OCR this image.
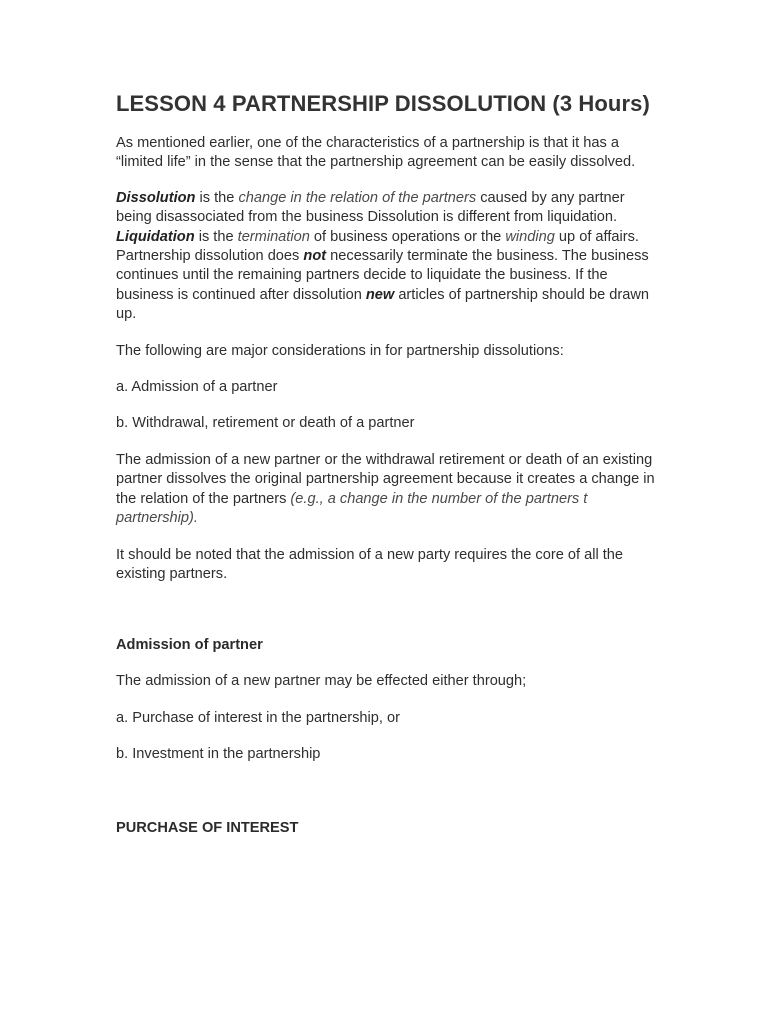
LESSON 4 PARTNERSHIP DISSOLUTION (3 Hours)

As mentioned earlier, one of the characteristics of a partnership is that it has a “limited life” in the sense that the partnership agreement can be easily dissolved.

Dissolution is the change in the relation of the partners caused by any partner being disassociated from the business Dissolution is different from liquidation. Liquidation is the termination of business operations or the winding up of affairs. Partnership dissolution does not necessarily terminate the business. The business continues until the remaining partners decide to liquidate the business. If the business is continued after dissolution new articles of partnership should be drawn up.

The following are major considerations in for partnership dissolutions:

a. Admission of a partner

b. Withdrawal, retirement or death of a partner

The admission of a new partner or the withdrawal retirement or death of an existing partner dissolves the original partnership agreement because it creates a change in the relation of the partners (e.g., a change in the number of the partners t partnership).

It should be noted that the admission of a new party requires the core of all the existing partners.

Admission of partner

The admission of a new partner may be effected either through;

a. Purchase of interest in the partnership, or

b. Investment in the partnership

PURCHASE OF INTEREST
